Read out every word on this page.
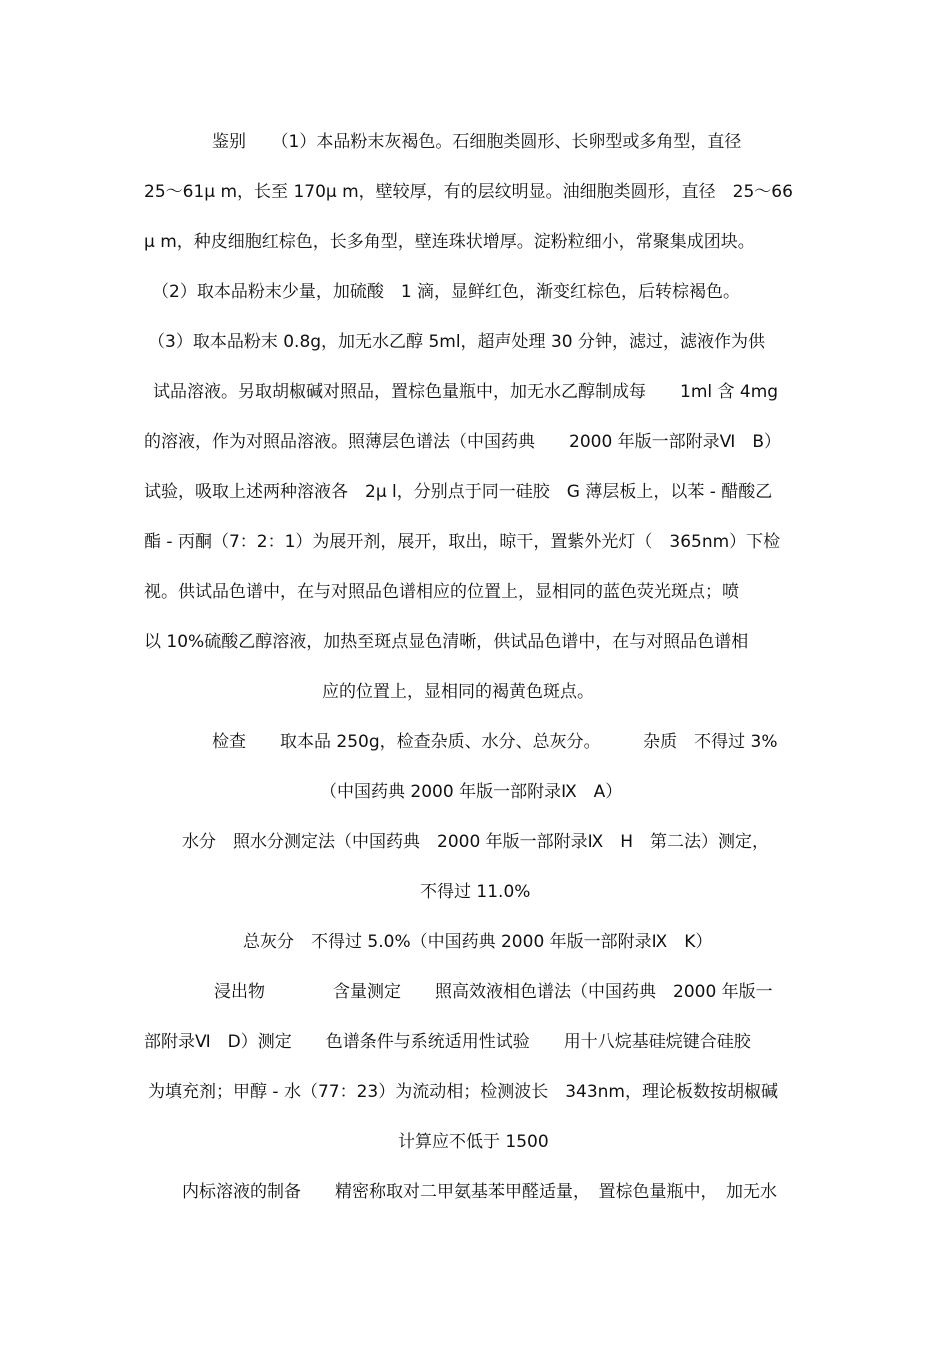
鉴别　　（1）本品粉末灰褐色。石细胞类圆形、长卵型或多角型，直径
25～61μ m，长至 170μ m，壁较厚，有的层纹明显。油细胞类圆形，直径　25～66
μ m，种皮细胞红棕色，长多角型，壁连珠状增厚。淀粉粒细小，常聚集成团块。
（2）取本品粉末少量，加硫酸　1 滴，显鲜红色，渐变红棕色，后转棕褐色。
（3）取本品粉末 0.8g，加无水乙醇 5ml，超声处理 30 分钟，滤过，滤液作为供
试品溶液。另取胡椒碱对照品，置棕色量瓶中，加无水乙醇制成每　　1ml 含 4mg
的溶液，作为对照品溶液。照薄层色谱法（中国药典　　2000 年版一部附录Ⅵ　B）
试验，吸取上述两种溶液各　2μ l，分别点于同一硅胶　G 薄层板上，以苯 - 醋酸乙
酯 - 丙酮（7：2：1）为展开剂，展开，取出，晾干，置紫外光灯（　365nm）下检
视。供试品色谱中，在与对照品色谱相应的位置上，显相同的蓝色荧光斑点；喷
以 10%硫酸乙醇溶液，加热至斑点显色清晰，供试品色谱中，在与对照品色谱相
应的位置上，显相同的褐黄色斑点。
检查　　取本品 250g，检查杂质、水分、总灰分。　　　杂质　不得过 3%
（中国药典 2000 年版一部附录Ⅸ　A）
水分　照水分测定法（中国药典　2000 年版一部附录Ⅸ　H　第二法）测定，
不得过 11.0%
总灰分　不得过 5.0%（中国药典 2000 年版一部附录Ⅸ　K）
浸出物　　　　含量测定　　照高效液相色谱法（中国药典　2000 年版一
部附录Ⅵ　D）测定　　色谱条件与系统适用性试验　　用十八烷基硅烷键合硅胶
为填充剂；甲醇 - 水（77：23）为流动相；检测波长　343nm，理论板数按胡椒碱
计算应不低于 1500
内标溶液的制备　　精密称取对二甲氨基苯甲醛适量，　置棕色量瓶中，　加无水
